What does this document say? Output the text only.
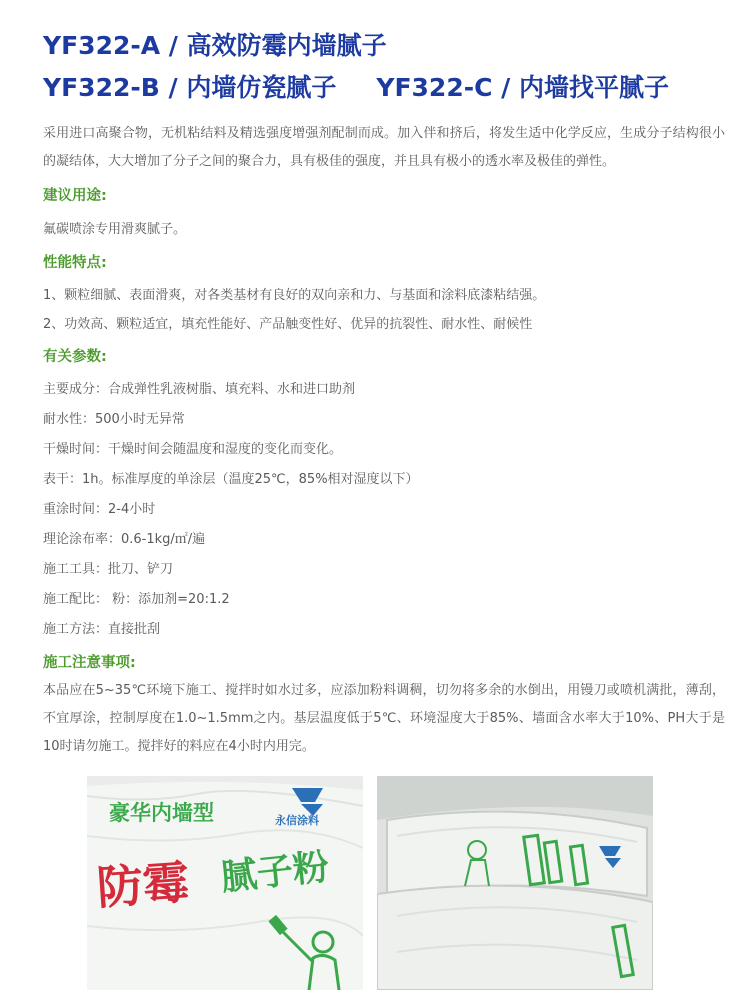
YF322-A / 高效防霉内墙腻子
YF322-B / 内墙仿瓷腻子 YF322-C / 内墙找平腻子
采用进口高聚合物，无机粘结料及精选强度增强剂配制而成。加入伴和挤后，将发生适中化学反应，生成分子结构很小的凝结体，大大增加了分子之间的聚合力，具有极佳的强度，并且具有极小的透水率及极佳的弹性。
建议用途:
氟碳喷涂专用滑爽腻子。
性能特点:
1、颗粒细腻、表面滑爽，对各类基材有良好的双向亲和力、与基面和涂料底漆粘结强。
2、功效高、颗粒适宜，填充性能好、产品触变性好、优异的抗裂性、耐水性、耐候性
有关参数:
主要成分：合成弹性乳液树脂、填充料、水和进口助剂
耐水性：500小时无异常
干燥时间：干燥时间会随温度和湿度的变化而变化。
表干：1h。标准厚度的单涂层（温度25℃，85%相对湿度以下）
重涂时间：2-4小时
理论涂布率：0.6-1kg/㎡/遍
施工工具：批刀、铲刀
施工配比： 粉：添加剂=20:1.2
施工方法：直接批刮
施工注意事项:
本品应在5~35℃环境下施工、搅拌时如水过多，应添加粉料调稠，切勿将多余的水倒出，用镘刀或喷机满批，薄刮，不宜厚涂，控制厚度在1.0~1.5mm之内。基层温度低于5℃、环境湿度大于85%、墙面含水率大于10%、PH大于是10时请勿施工。搅拌好的料应在4小时内用完。
豪华内墙型	永信涂料
防霉 腻子粉
